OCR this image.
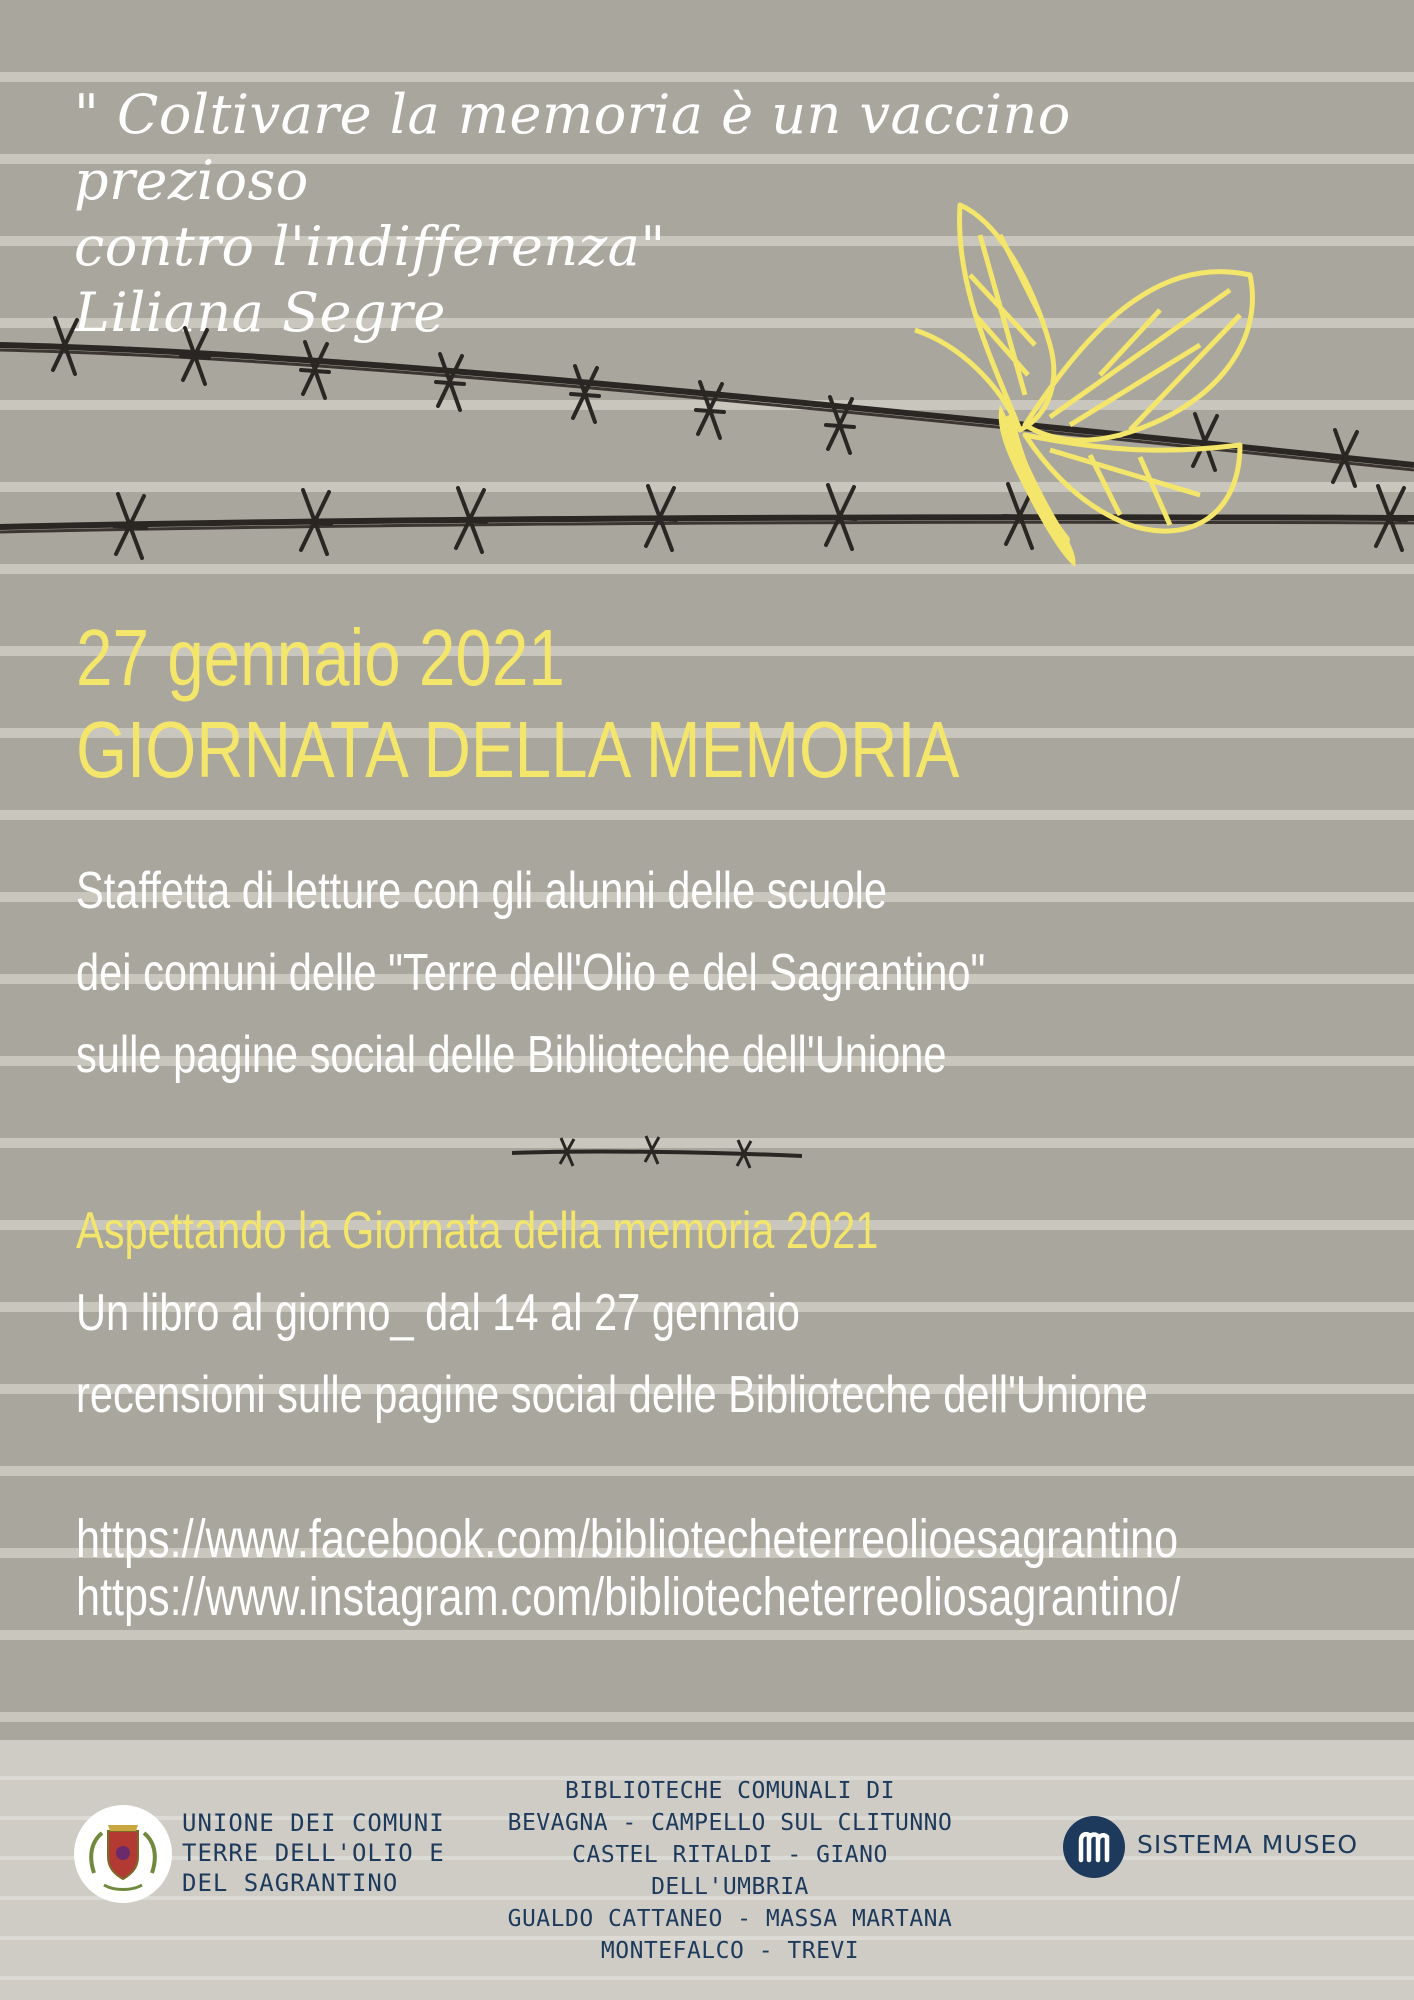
" Coltivare la memoria è un vaccino prezioso
contro l'indifferenza"
Liliana Segre
27 gennaio 2021
GIORNATA DELLA MEMORIA
Staffetta di letture con gli alunni delle scuole
dei comuni delle "Terre dell'Olio e del Sagrantino"
sulle pagine social delle Biblioteche dell'Unione
Aspettando la Giornata della memoria 2021
Un libro al giorno_ dal 14 al 27 gennaio
recensioni sulle pagine social delle Biblioteche dell'Unione
https://www.facebook.com/bibliotecheterreolioesagrantino
https://www.instagram.com/bibliotecheterreoliosagrantino/
UNIONE DEI COMUNI
TERRE DELL'OLIO E
DEL SAGRANTINO
BIBLIOTECHE COMUNALI DI
BEVAGNA - CAMPELLO SUL CLITUNNO
CASTEL RITALDI - GIANO DELL'UMBRIA
GUALDO CATTANEO - MASSA MARTANA
MONTEFALCO - TREVI
SISTEMA MUSEO
